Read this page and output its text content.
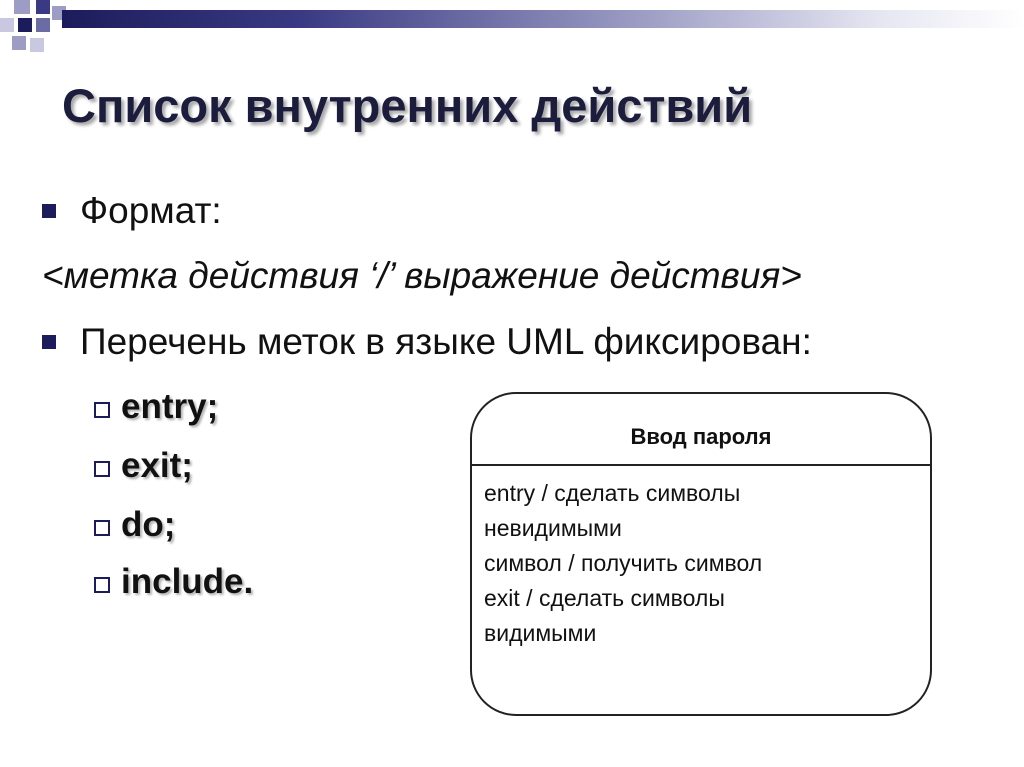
Список внутренних действий
Формат:
<метка действия ‘/’ выражение действия>
Перечень меток в языке UML фиксирован:
entry;
exit;
do;
include.
Ввод пароля
entry / сделать символы
невидимыми
символ / получить символ
exit / сделать символы
видимыми
